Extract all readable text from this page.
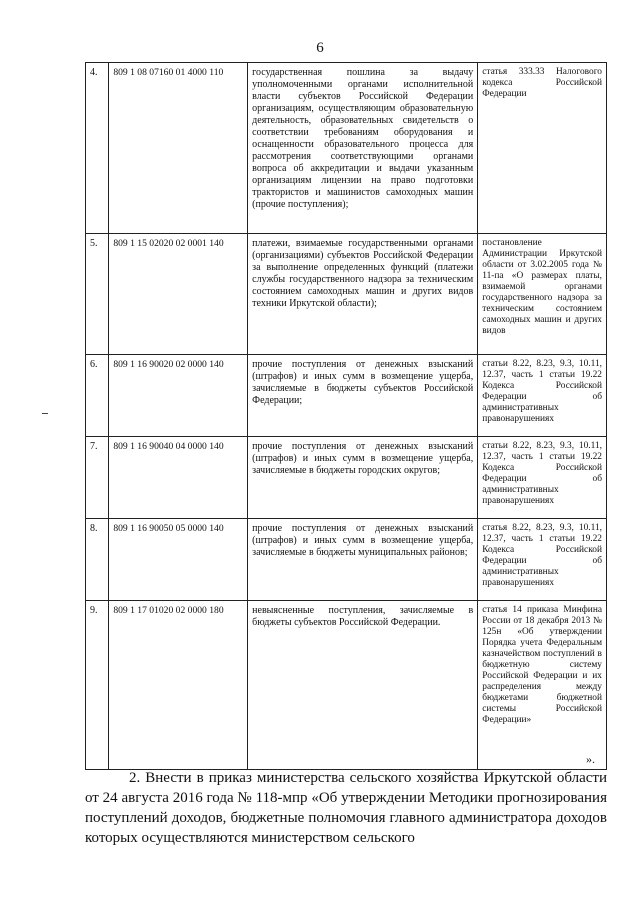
6
4.	809 1 08 07160 01 4000 110	государственная пошлина за выдачу уполномоченными органами исполнительной власти субъектов Российской Федерации организациям, осуществляющим образовательную деятельность, образовательных свидетельств о соответствии требованиям оборудования и оснащенности образовательного процесса для рассмотрения соответствующими органами вопроса об аккредитации и выдачи указанным организациям лицензии на право подготовки трактористов и машинистов самоходных машин (прочие поступления);	статья 333.33 Налогового кодекса Российской Федерации
5.	809 1 15 02020 02 0001 140	платежи, взимаемые государственными органами (организациями) субъектов Российской Федерации за выполнение определенных функций (платежи службы государственного надзора за техническим состоянием самоходных машин и других видов техники Иркутской области);	постановление Администрации Иркутской области от 3.02.2005 года № 11-па «О размерах платы, взимаемой органами государственного надзора за техническим состоянием самоходных машин и других видов
6.	809 1 16 90020 02 0000 140	прочие поступления от денежных взысканий (штрафов) и иных сумм в возмещение ущерба, зачисляемые в бюджеты субъектов Российской Федерации;	статьи 8.22, 8.23, 9.3, 10.11, 12.37, часть 1 статьи 19.22 Кодекса Российской Федерации об административных правонарушениях
7.	809 1 16 90040 04 0000 140	прочие поступления от денежных взысканий (штрафов) и иных сумм в возмещение ущерба, зачисляемые в бюджеты городских округов;	статьи 8.22, 8.23, 9.3, 10.11, 12.37, часть 1 статьи 19.22 Кодекса Российской Федерации об административных правонарушениях
8.	809 1 16 90050 05 0000 140	прочие поступления от денежных взысканий (штрафов) и иных сумм в возмещение ущерба, зачисляемые в бюджеты муниципальных районов;	статья 8.22, 8.23, 9.3, 10.11, 12.37, часть 1 статьи 19.22 Кодекса Российской Федерации об административных правонарушениях
9.	809 1 17 01020 02 0000 180	невыясненные поступления, зачисляемые в бюджеты субъектов Российской Федерации.	статья 14 приказа Минфина России от 18 декабря 2013 № 125н «Об утверждении Порядка учета Федеральным казначейством поступлений в бюджетную систему Российской Федерации и их распределения между бюджетами бюджетной системы Российской Федерации»
».
2. Внести в приказ министерства сельского хозяйства Иркутской области от 24 августа 2016 года № 118-мпр «Об утверждении Методики прогнозирования поступлений доходов, бюджетные полномочия главного администратора доходов которых осуществляются министерством сельского
